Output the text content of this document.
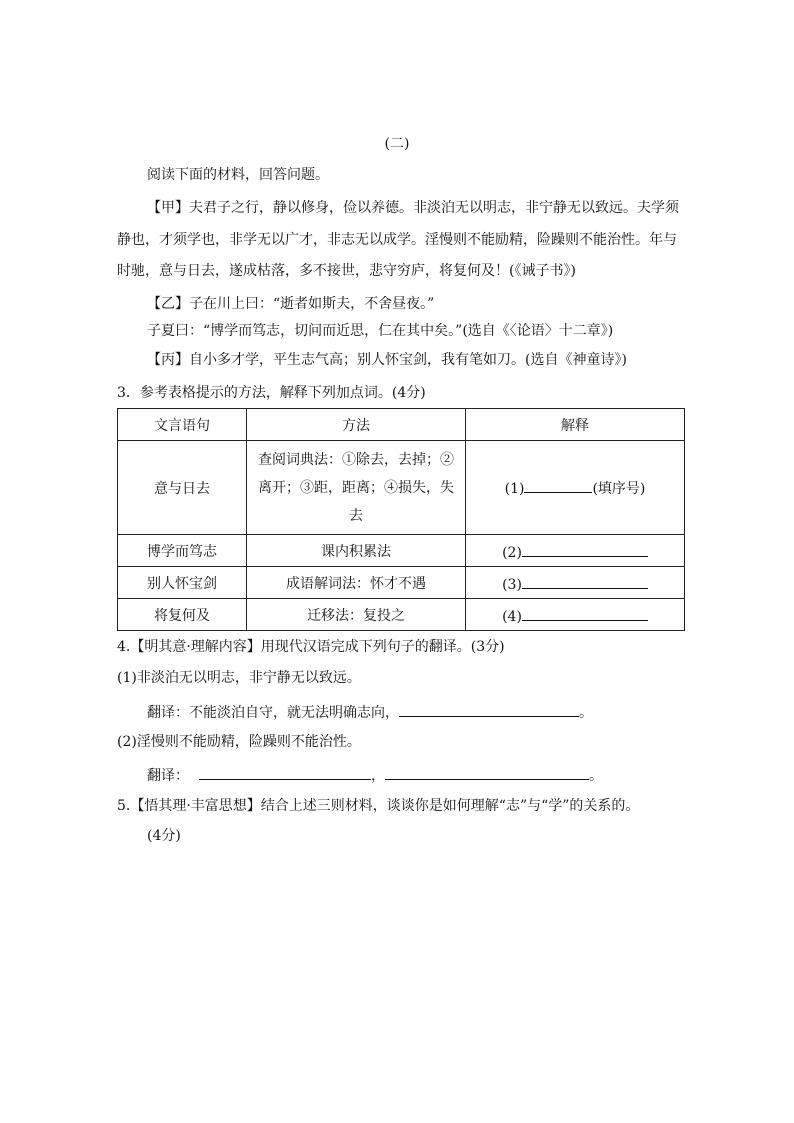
(二)
阅读下面的材料，回答问题。
【甲】夫君子之行，静以修身，俭以养德。非淡泊无以明志，非宁静无以致远。夫学须
静也，才须学也，非学无以广才，非志无以成学。淫慢则不能励精，险躁则不能治性。年与
时驰，意与日去，遂成枯落，多不接世，悲守穷庐，将复何及！(《诫子书》)
【乙】子在川上曰：“逝者如斯夫，不舍昼夜。”
子夏曰：“博学而笃志，切问而近思，仁在其中矣。”(选自《〈论语〉十二章》)
【丙】自小多才学，平生志气高；别人怀宝剑，我有笔如刀。(选自《神童诗》)
3．参考表格提示的方法，解释下列加点词。(4分)
文言语句	方法	解释
意与日去	查阅词典法：①除去，去掉；②离开；③距，距离；④损失，失去	(1) (填序号)
博学而笃志	课内积累法	(2)
别人怀宝剑	成语解词法：怀才不遇	(3)
将复何及	迁移法：复投之	(4)
4.【明其意·理解内容】用现代汉语完成下列句子的翻译。(3分)
(1)非淡泊无以明志，非宁静无以致远。
翻译：不能淡泊自守，就无法明确志向，	。
(2)淫慢则不能励精，险躁则不能治性。
翻译：	，	。
5.【悟其理·丰富思想】结合上述三则材料，谈谈你是如何理解“志”与“学”的关系的。
(4分)
